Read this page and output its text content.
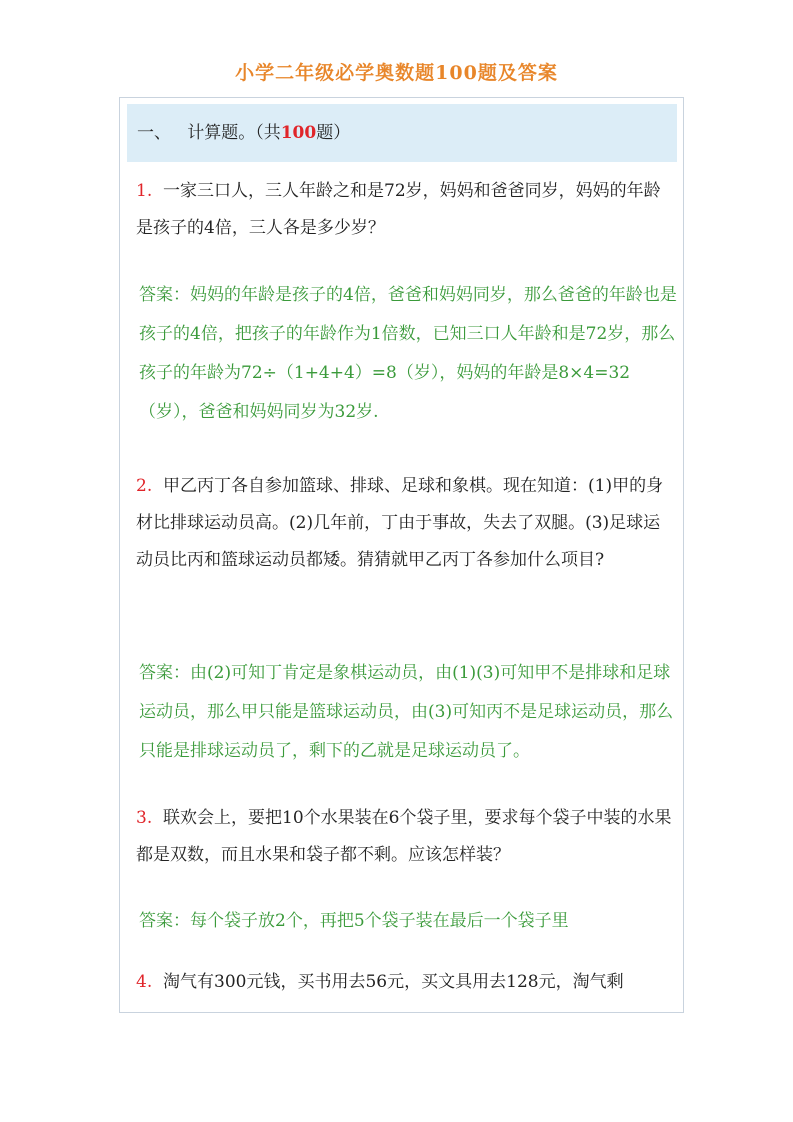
小学二年级必学奥数题100题及答案
一、 计算题。（共100题）

1. 一家三口人，三人年龄之和是72岁，妈妈和爸爸同岁，妈妈的年龄是孩子的4倍，三人各是多少岁？

答案：妈妈的年龄是孩子的4倍，爸爸和妈妈同岁，那么爸爸的年龄也是孩子的4倍，把孩子的年龄作为1倍数，已知三口人年龄和是72岁，那么孩子的年龄为72÷（1+4+4）=8（岁），妈妈的年龄是8×4=32（岁），爸爸和妈妈同岁为32岁.

2. 甲乙丙丁各自参加篮球、排球、足球和象棋。现在知道：(1)甲的身材比排球运动员高。(2)几年前，丁由于事故，失去了双腿。(3)足球运动员比丙和篮球运动员都矮。猜猜就甲乙丙丁各参加什么项目?

答案：由(2)可知丁肯定是象棋运动员，由(1)(3)可知甲不是排球和足球运动员，那么甲只能是篮球运动员，由(3)可知丙不是足球运动员，那么只能是排球运动员了，剩下的乙就是足球运动员了。

3. 联欢会上，要把10个水果装在6个袋子里，要求每个袋子中装的水果都是双数，而且水果和袋子都不剩。应该怎样装？

答案：每个袋子放2个，再把5个袋子装在最后一个袋子里

4. 淘气有300元钱，买书用去56元，买文具用去128元，淘气剩
